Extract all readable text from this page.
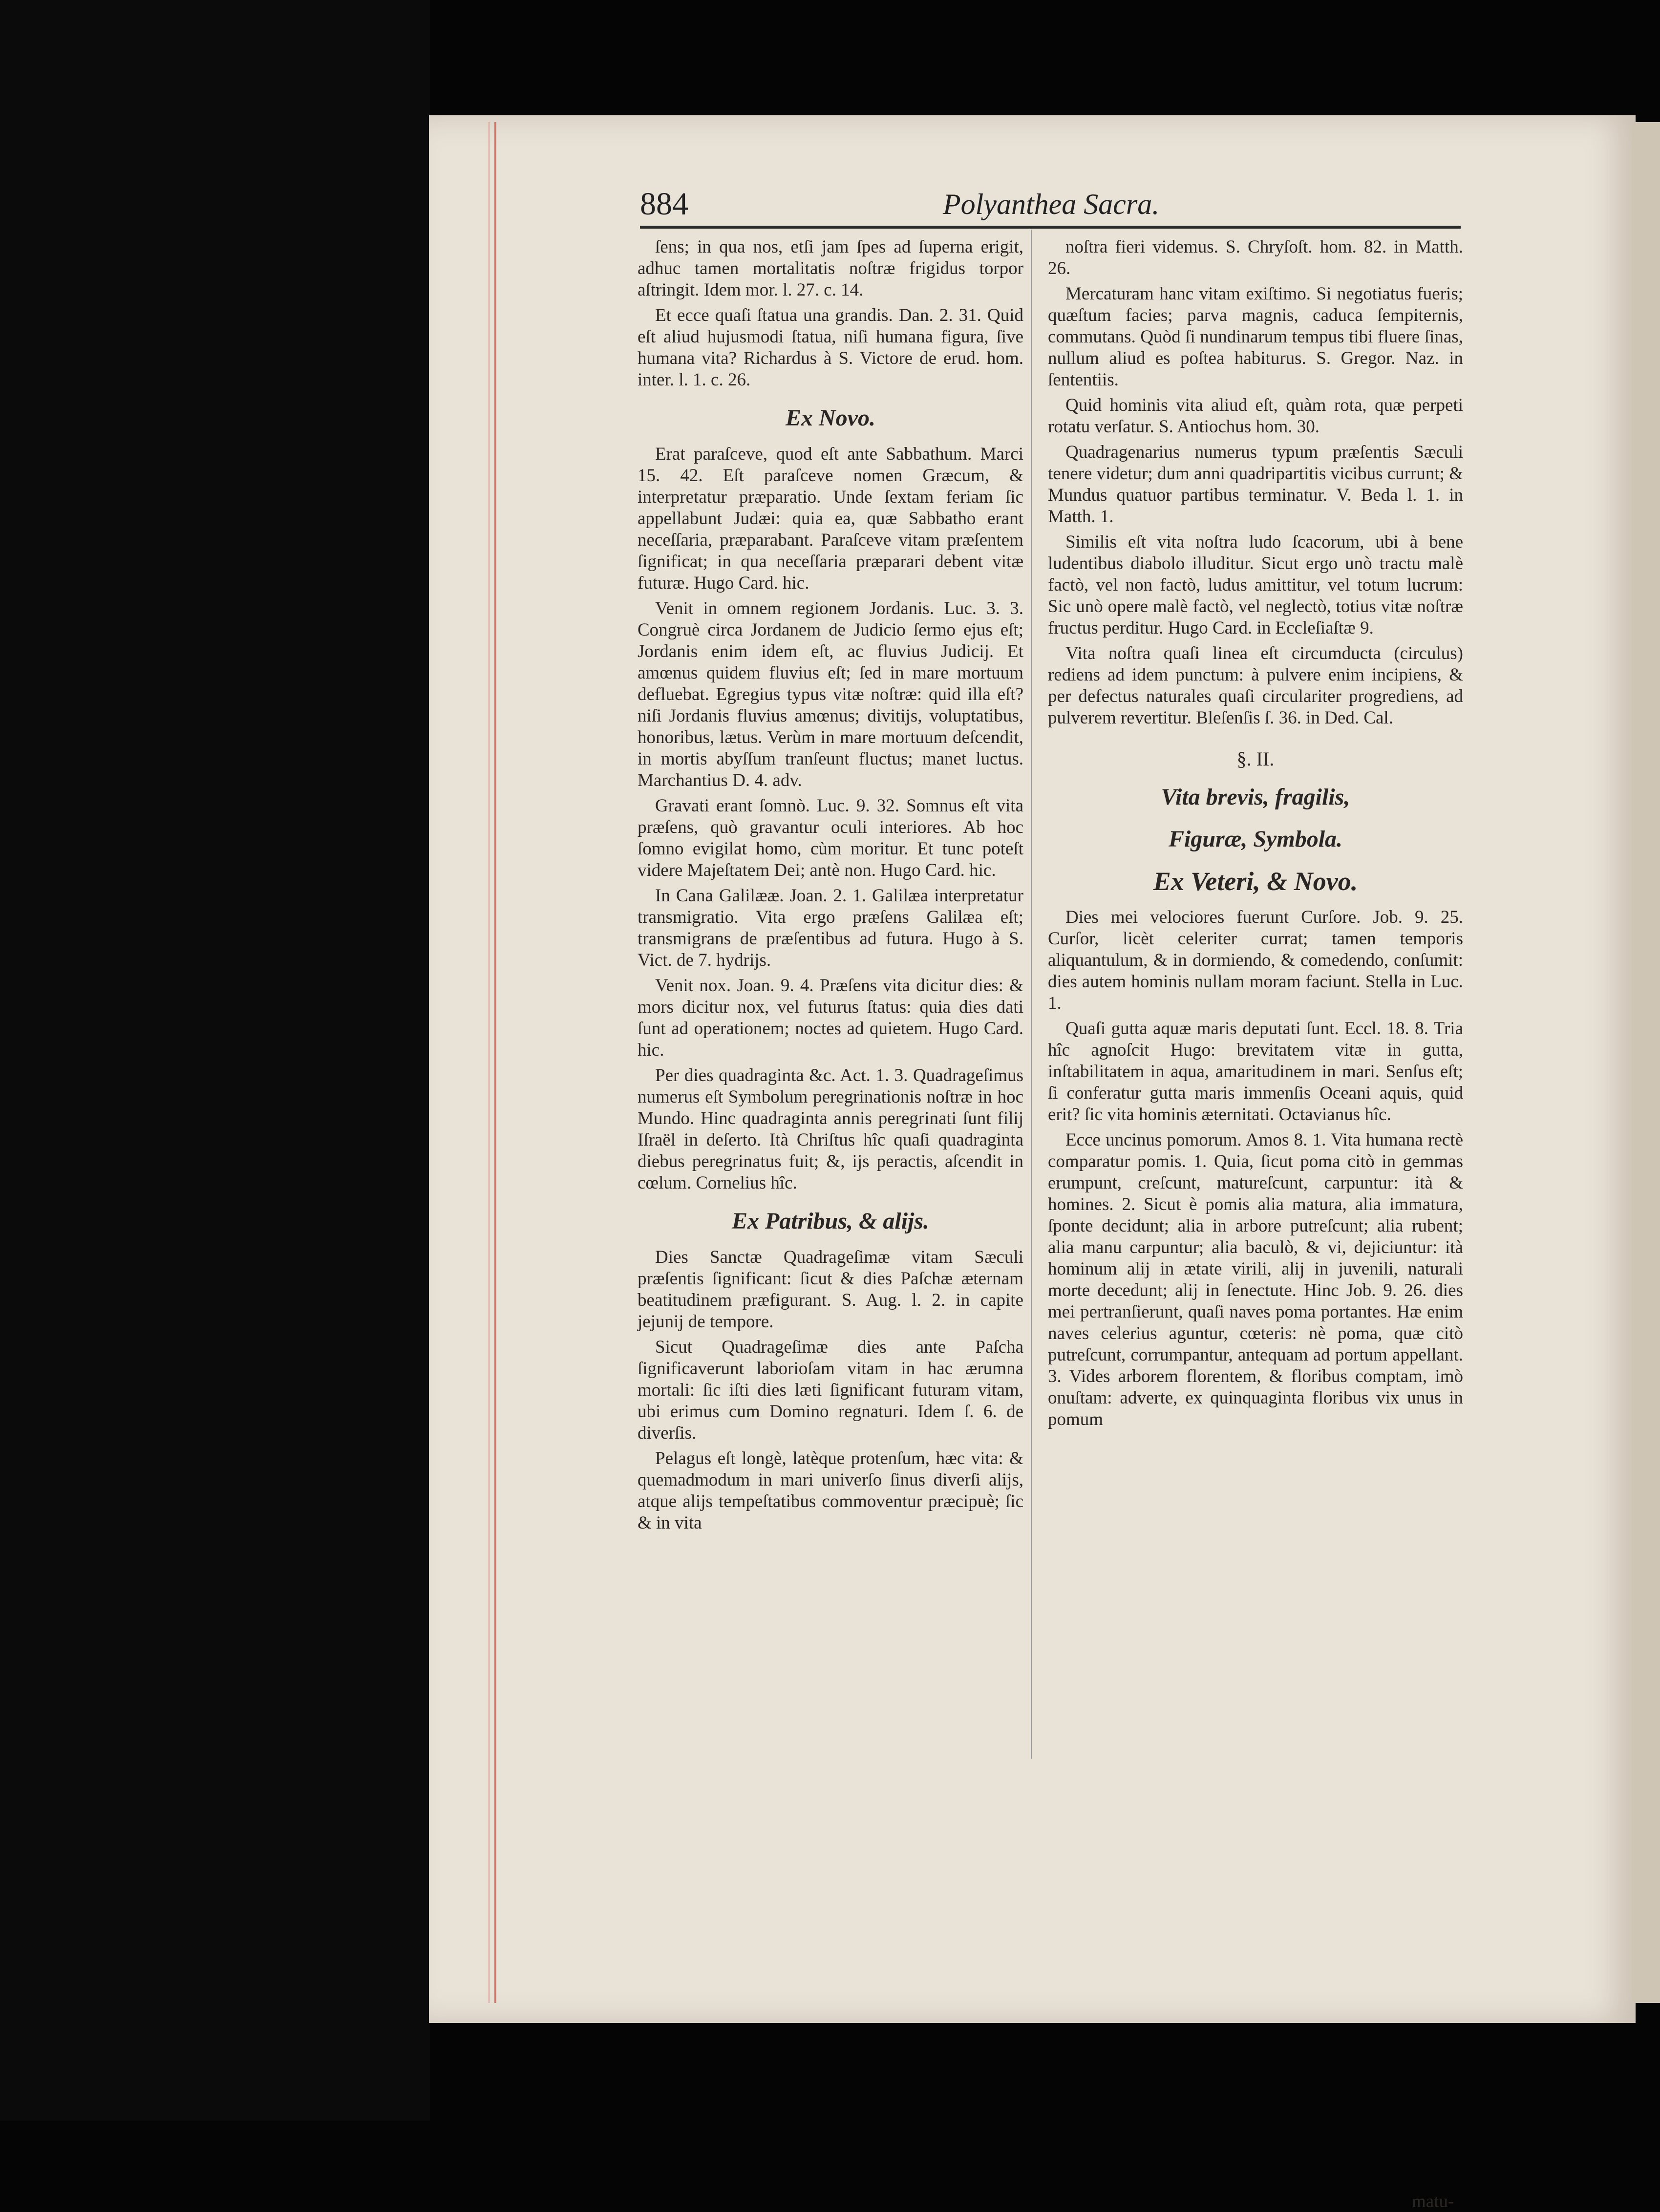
884	Polyanthea Sacra.

ſens; in qua nos, etſi jam ſpes ad ſuperna erigit, adhuc tamen mortalitatis noſtræ frigidus torpor aſtringit. Idem mor. l. 27. c. 14.

Et ecce quaſi ſtatua una grandis. Dan. 2. 31. Quid eſt aliud hujusmodi ſtatua, niſi humana figura, ſive humana vita? Richardus à S. Victore de erud. hom. inter. l. 1. c. 26.

Ex Novo.

Erat paraſceve, quod eſt ante Sabbathum. Marci 15. 42. Eſt paraſceve nomen Græcum, & interpretatur præparatio. Unde ſextam feriam ſic appellabunt Judæi: quia ea, quæ Sabbatho erant neceſſaria, præparabant. Paraſceve vitam præſentem ſignificat; in qua neceſſaria præparari debent vitæ futuræ. Hugo Card. hic.

Venit in omnem regionem Jordanis. Luc. 3. 3. Congruè circa Jordanem de Judicio ſermo ejus eſt; Jordanis enim idem eſt, ac fluvius Judicij. Et amœnus quidem fluvius eſt; ſed in mare mortuum defluebat. Egregius typus vitæ noſtræ: quid illa eſt? niſi Jordanis fluvius amœnus; divitijs, voluptatibus, honoribus, lætus. Verùm in mare mortuum deſcendit, in mortis abyſſum tranſeunt fluctus; manet luctus. Marchantius D. 4. adv.

Gravati erant ſomnò. Luc. 9. 32. Somnus eſt vita præſens, quò gravantur oculi interiores. Ab hoc ſomno evigilat homo, cùm moritur. Et tunc poteſt videre Majeſtatem Dei; antè non. Hugo Card. hic.

In Cana Galilææ. Joan. 2. 1. Galilæa interpretatur transmigratio. Vita ergo præſens Galilæa eſt; transmigrans de præſentibus ad futura. Hugo à S. Vict. de 7. hydrijs.

Venit nox. Joan. 9. 4. Præſens vita dicitur dies: & mors dicitur nox, vel futurus ſtatus: quia dies dati ſunt ad operationem; noctes ad quietem. Hugo Card. hic.

Per dies quadraginta &c. Act. 1. 3. Quadrageſimus numerus eſt Symbolum peregrinationis noſtræ in hoc Mundo. Hinc quadraginta annis peregrinati ſunt filij Iſraël in deſerto. Ità Chriſtus hîc quaſi quadraginta diebus peregrinatus fuit; &, ijs peractis, aſcendit in cœlum. Cornelius hîc.

Ex Patribus, & alijs.

Dies Sanctæ Quadrageſimæ vitam Sæculi præſentis ſignificant: ſicut & dies Paſchæ æternam beatitudinem præfigurant. S. Aug. l. 2. in capite jejunij de tempore.

Sicut Quadrageſimæ dies ante Paſcha ſignificaverunt laborioſam vitam in hac ærumna mortali: ſic iſti dies læti ſignificant futuram vitam, ubi erimus cum Domino regnaturi. Idem ſ. 6. de diverſis.

Pelagus eſt longè, latèque protenſum, hæc vita: & quemadmodum in mari univerſo ſinus diverſi alijs, atque alijs tempeſtatibus commoventur præcipuè; ſic & in vita

noſtra fieri videmus. S. Chryſoſt. hom. 82. in Matth. 26.

Mercaturam hanc vitam exiſtimo. Si negotiatus fueris; quæſtum facies; parva magnis, caduca ſempiternis, commutans. Quòd ſi nundinarum tempus tibi fluere ſinas, nullum aliud es poſtea habiturus. S. Gregor. Naz. in ſententiis.

Quid hominis vita aliud eſt, quàm rota, quæ perpeti rotatu verſatur. S. Antiochus hom. 30.

Quadragenarius numerus typum præſentis Sæculi tenere videtur; dum anni quadripartitis vicibus currunt; & Mundus quatuor partibus terminatur. V. Beda l. 1. in Matth. 1.

Similis eſt vita noſtra ludo ſcacorum, ubi à bene ludentibus diabolo illuditur. Sicut ergo unò tractu malè factò, vel non factò, ludus amittitur, vel totum lucrum: Sic unò opere malè factò, vel neglectò, totius vitæ noſtræ fructus perditur. Hugo Card. in Eccleſiaſtæ 9.

Vita noſtra quaſi linea eſt circumducta (circulus) rediens ad idem punctum: à pulvere enim incipiens, & per defectus naturales quaſi circulariter progrediens, ad pulverem revertitur. Bleſenſis ſ. 36. in Ded. Cal.

§. II.
Vita brevis, fragilis,
Figuræ, Symbola.
Ex Veteri, & Novo.

Dies mei velociores fuerunt Curſore. Job. 9. 25. Curſor, licèt celeriter currat; tamen temporis aliquantulum, & in dormiendo, & comedendo, conſumit: dies autem hominis nullam moram faciunt. Stella in Luc. 1.

Quaſi gutta aquæ maris deputati ſunt. Eccl. 18. 8. Tria hîc agnoſcit Hugo: brevitatem vitæ in gutta, inſtabilitatem in aqua, amaritudinem in mari. Senſus eſt; ſi conferatur gutta maris immenſis Oceani aquis, quid erit? ſic vita hominis æternitati. Octavianus hîc.

Ecce uncinus pomorum. Amos 8. 1. Vita humana rectè comparatur pomis. 1. Quia, ſicut poma citò in gemmas erumpunt, creſcunt, matureſcunt, carpuntur: ità & homines. 2. Sicut è pomis alia matura, alia immatura, ſponte decidunt; alia in arbore putreſcunt; alia rubent; alia manu carpuntur; alia baculò, & vi, dejiciuntur: ità hominum alij in ætate virili, alij in juvenili, naturali morte decedunt; alij in ſenectute. Hinc Job. 9. 26. dies mei pertranſierunt, quaſi naves poma portantes. Hæ enim naves celerius aguntur, cœteris: nè poma, quæ citò putreſcunt, corrumpantur, antequam ad portum appellant. 3. Vides arborem florentem, & floribus comptam, imò onuſtam: adverte, ex quinquaginta floribus vix unus in pomum

matu-
